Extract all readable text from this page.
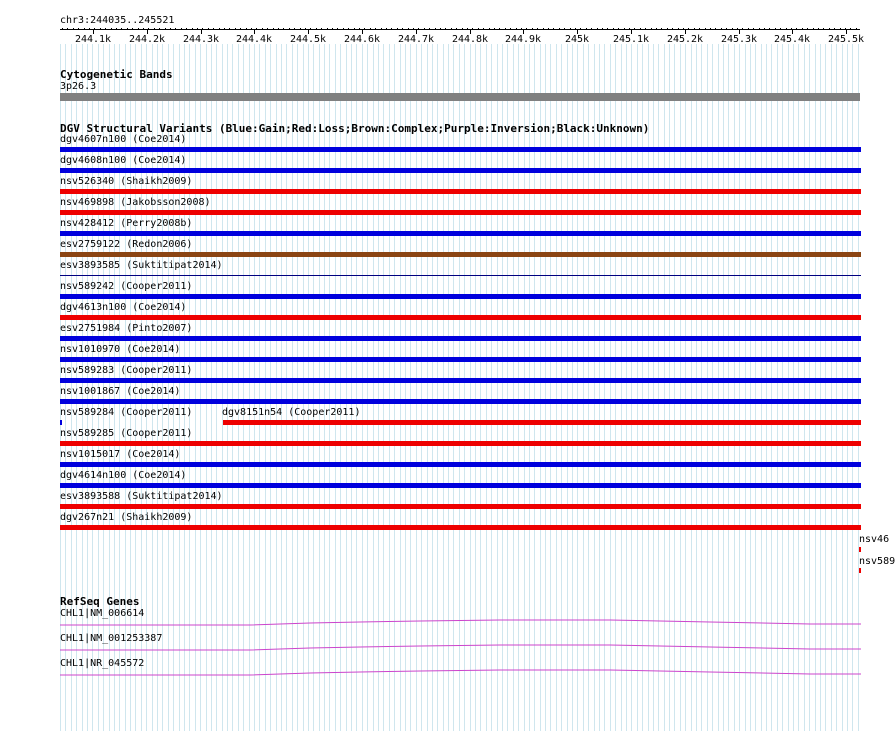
chr3:244035..245521
244.1k 244.2k 244.3k 244.4k 244.5k 244.6k 244.7k 244.8k 244.9k 245k 245.1k 245.2k 245.3k 245.4k 245.5k
Cytogenetic Bands
3p26.3
DGV Structural Variants (Blue:Gain;Red:Loss;Brown:Complex;Purple:Inversion;Black:Unknown)
dgv4607n100 (Coe2014)
dgv4608n100 (Coe2014)
nsv526340 (Shaikh2009)
nsv469898 (Jakobsson2008)
nsv428412 (Perry2008b)
esv2759122 (Redon2006)
esv3893585 (Suktitipat2014)
nsv589242 (Cooper2011)
dgv4613n100 (Coe2014)
esv2751984 (Pinto2007)
nsv1010970 (Coe2014)
nsv589283 (Cooper2011)
nsv1001867 (Coe2014)
nsv589284 (Cooper2011)	dgv8151n54 (Cooper2011)
nsv589285 (Cooper2011)
nsv1015017 (Coe2014)
dgv4614n100 (Coe2014)
esv3893588 (Suktitipat2014)
dgv267n21 (Shaikh2009)
nsv46
nsv589
RefSeq Genes
CHL1|NM_006614
CHL1|NM_001253387
CHL1|NR_045572
